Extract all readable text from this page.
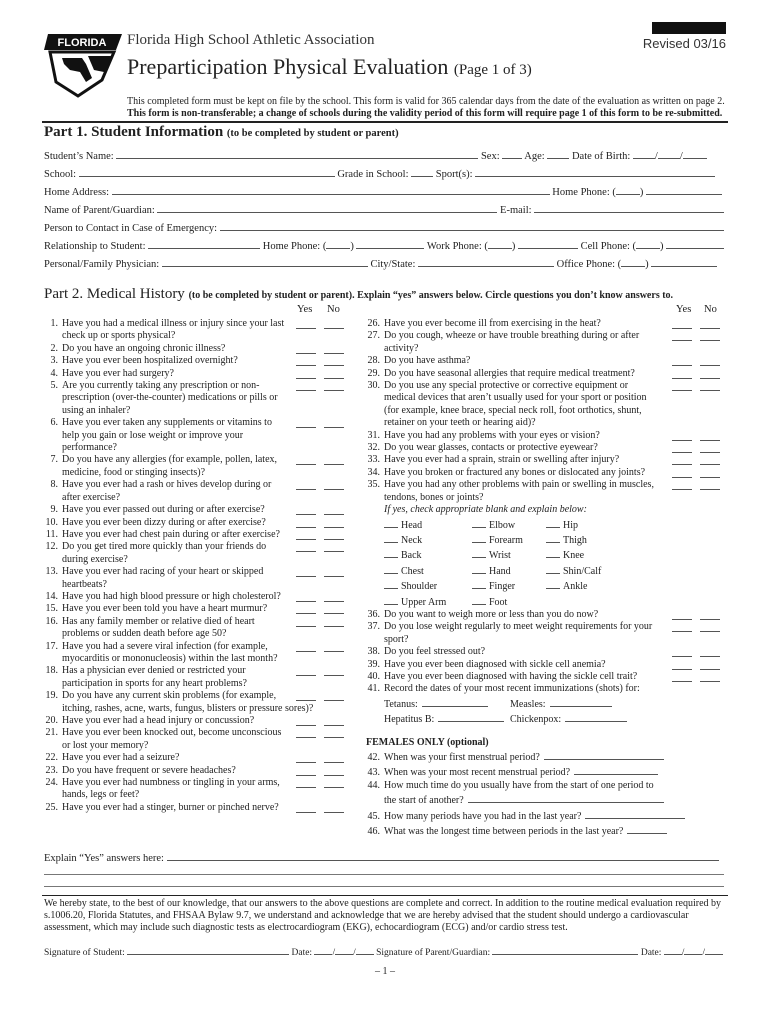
Revised 03/16
FLORIDA Florida High School Athletic Association
Preparticipation Physical Evaluation (Page 1 of 3)
This completed form must be kept on file by the school. This form is valid for 365 calendar days from the date of the evaluation as written on page 2.
This form is non-transferable; a change of schools during the validity period of this form will require page 1 of this form to be re-submitted.
Part 1. Student Information (to be completed by student or parent)
Student’s Name:	Sex: Age:	Date of Birth: / /
School:	Grade in School:	Sport(s):
Home Address:	Home Phone: ( )
Name of Parent/Guardian:	E-mail:
Person to Contact in Case of Emergency:
Relationship to Student:	Home Phone: ( )	Work Phone: ( )	Cell Phone: ( )
Personal/Family Physician:	City/State:	Office Phone: ( )
Part 2. Medical History (to be completed by student or parent). Explain “yes” answers below. Circle questions you don’t know answers to.
Yes No	Yes No
1. Have you had a medical illness or injury since your last
check up or sports physical?
2. Do you have an ongoing chronic illness?
3. Have you ever been hospitalized overnight?
4. Have you ever had surgery?
5. Are you currently taking any prescription or non-
prescription (over-the-counter) medications or pills or
using an inhaler?
6. Have you ever taken any supplements or vitamins to
help you gain or lose weight or improve your
performance?
7. Do you have any allergies (for example, pollen, latex,
medicine, food or stinging insects)?
8. Have you ever had a rash or hives develop during or
after exercise?
9. Have you ever passed out during or after exercise?
10. Have you ever been dizzy during or after exercise?
11. Have you ever had chest pain during or after exercise?
12. Do you get tired more quickly than your friends do
during exercise?
13. Have you ever had racing of your heart or skipped
heartbeats?
14. Have you had high blood pressure or high cholesterol?
15. Have you ever been told you have a heart murmur?
16. Has any family member or relative died of heart
problems or sudden death before age 50?
17. Have you had a severe viral infection (for example,
myocarditis or mononucleosis) within the last month?
18. Has a physician ever denied or restricted your
participation in sports for any heart problems?
19. Do you have any current skin problems (for example,
itching, rashes, acne, warts, fungus, blisters or pressure sores)?
20. Have you ever had a head injury or concussion?
21. Have you ever been knocked out, become unconscious
or lost your memory?
22. Have you ever had a seizure?
23. Do you have frequent or severe headaches?
24. Have you ever had numbness or tingling in your arms,
hands, legs or feet?
25. Have you ever had a stinger, burner or pinched nerve?
26. Have you ever become ill from exercising in the heat?
27. Do you cough, wheeze or have trouble breathing during or after
activity?
28. Do you have asthma?
29. Do you have seasonal allergies that require medical treatment?
30. Do you use any special protective or corrective equipment or
medical devices that aren’t usually used for your sport or position
(for example, knee brace, special neck roll, foot orthotics, shunt,
retainer on your teeth or hearing aid)?
31. Have you had any problems with your eyes or vision?
32. Do you wear glasses, contacts or protective eyewear?
33. Have you ever had a sprain, strain or swelling after injury?
34. Have you broken or fractured any bones or dislocated any joints?
35. Have you had any other problems with pain or swelling in muscles,
tendons, bones or joints?
If yes, check appropriate blank and explain below:
Head	Elbow	Hip
Neck	Forearm	Thigh
Back	Wrist	Knee
Chest	Hand	Shin/Calf
Shoulder	Finger	Ankle
Upper Arm	Foot
36. Do you want to weigh more or less than you do now?
37. Do you lose weight regularly to meet weight requirements for your
sport?
38. Do you feel stressed out?
39. Have you ever been diagnosed with sickle cell anemia?
40. Have you ever been diagnosed with having the sickle cell trait?
41. Record the dates of your most recent immunizations (shots) for:
Tetanus:	Measles:
Hepatitus B:	Chickenpox:
FEMALES ONLY (optional)
42. When was your first menstrual period?
43. When was your most recent menstrual period?
44. How much time do you usually have from the start of one period to
the start of another?
45. How many periods have you had in the last year?
46. What was the longest time between periods in the last year?
Explain “Yes” answers here:
We hereby state, to the best of our knowledge, that our answers to the above questions are complete and correct. In addition to the routine medical evaluation required by s.1006.20, Florida Statutes, and FHSAA Bylaw 9.7, we understand and acknowledge that we are hereby advised that the student should undergo a cardiovascular assessment, which may include such diagnostic tests as electrocardiogram (EKG), echocardiogram (ECG) and/or cardio stress test.
Signature of Student:	Date: / / Signature of Parent/Guardian:	Date: / /
– 1 –
